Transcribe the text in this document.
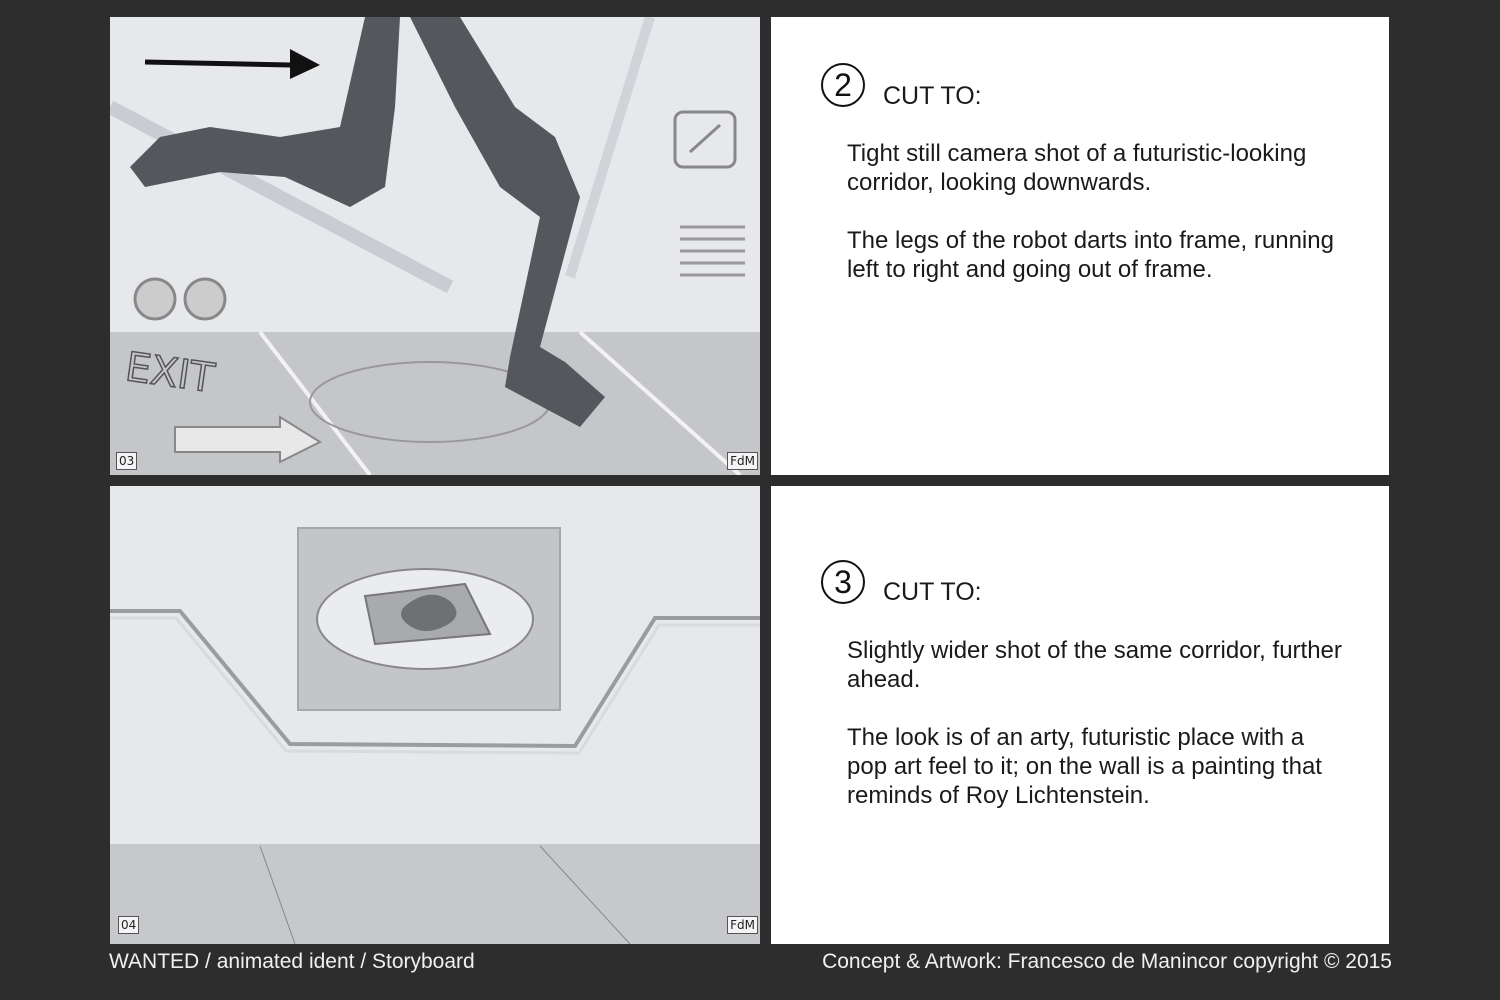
EXIT
03	FdM
2	CUT TO:

Tight still camera shot of a futuristic-looking corridor, looking downwards.

The legs of the robot darts into frame, running left to right and going out of frame.

04	FdM
3	CUT TO:

Slightly wider shot of the same corridor, further ahead.

The look is of an arty, futuristic place with a pop art feel to it; on the wall is a painting that reminds of Roy Lichtenstein.

WANTED / animated ident / Storyboard	Concept & Artwork: Francesco de Manincor copyright © 2015
